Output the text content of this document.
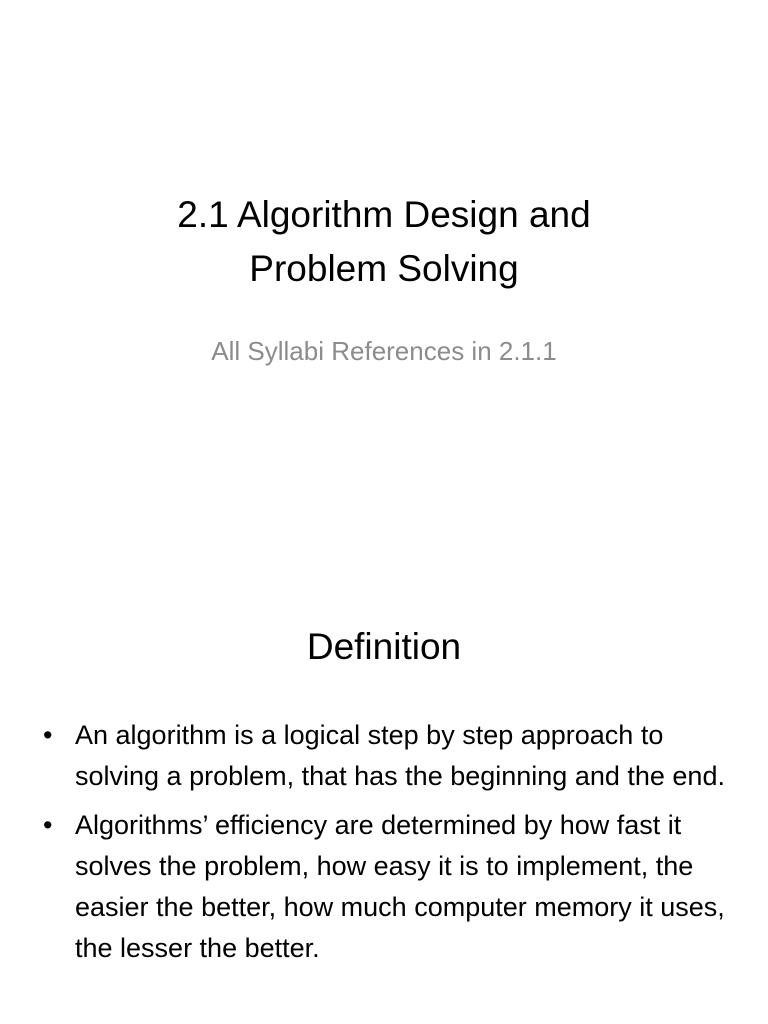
2.1 Algorithm Design and
Problem Solving

All Syllabi References in 2.1.1

Definition
• An algorithm is a logical step by step approach to solving a problem, that has the beginning and the end.
• Algorithms’ efficiency are determined by how fast it solves the problem, how easy it is to implement, the easier the better, how much computer memory it uses, the lesser the better.
